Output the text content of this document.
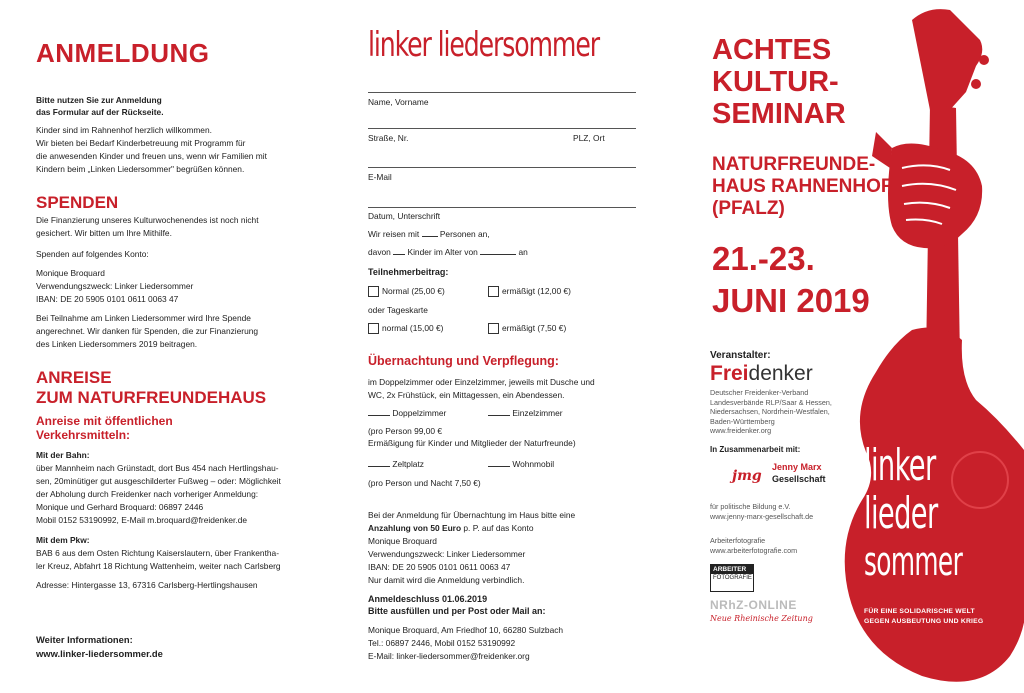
ANMELDUNG
Bitte nutzen Sie zur Anmeldung
das Formular auf der Rückseite.
Kinder sind im Rahnenhof herzlich willkommen.
Wir bieten bei Bedarf Kinderbetreuung mit Programm für
die anwesenden Kinder und freuen uns, wenn wir Familien mit
Kindern beim „Linken Liedersommer" begrüßen können.
SPENDEN
Die Finanzierung unseres Kulturwochenendes ist noch nicht
gesichert. Wir bitten um Ihre Mithilfe.
Spenden auf folgendes Konto:
Monique Broquard
Verwendungszweck: Linker Liedersommer
IBAN: DE 20 5905 0101 0611 0063 47
Bei Teilnahme am Linken Liedersommer wird Ihre Spende
angerechnet. Wir danken für Spenden, die zur Finanzierung
des Linken Liedersommers 2019 beitragen.
ANREISE
ZUM NATURFREUNDEHAUS
Anreise mit öffentlichen
Verkehrsmitteln:
Mit der Bahn:
über Mannheim nach Grünstadt, dort Bus 454 nach Hertlingshau-
sen, 20minütiger gut ausgeschilderter Fußweg – oder: Möglichkeit
der Abholung durch Freidenker nach vorheriger Anmeldung:
Monique und Gerhard Broquard: 06897 2446
Mobil 0152 53190992, E-Mail m.broquard@freidenker.de
Mit dem Pkw:
BAB 6 aus dem Osten Richtung Kaiserslautern, über Frankentha-
ler Kreuz, Abfahrt 18 Richtung Wattenheim, weiter nach Carlsberg
Adresse: Hintergasse 13, 67316 Carlsberg-Hertlingshausen
Weiter Informationen:
www.linker-liedersommer.de
linker liedersommer
Name, Vorname
Straße, Nr.	PLZ, Ort
E-Mail
Datum, Unterschrift
Wir reisen mit Personen an,
davon Kinder im Alter von	an
Teilnehmerbeitrag:
Normal (25,00 €)	ermäßigt (12,00 €)
oder Tageskarte
normal (15,00 €)	ermäßigt (7,50 €)
Übernachtung und Verpflegung:
im Doppelzimmer oder Einzelzimmer, jeweils mit Dusche und
WC, 2x Frühstück, ein Mittagessen, ein Abendessen.
Doppelzimmer	Einzelzimmer
(pro Person 99,00 €
Ermäßigung für Kinder und Mitglieder der Naturfreunde)
Zeltplatz	Wohnmobil
(pro Person und Nacht 7,50 €)
Bei der Anmeldung für Übernachtung im Haus bitte eine
Anzahlung von 50 Euro p. P. auf das Konto
Monique Broquard
Verwendungszweck: Linker Liedersommer
IBAN: DE 20 5905 0101 0611 0063 47
Nur damit wird die Anmeldung verbindlich.
Anmeldeschluss 01.06.2019
Bitte ausfüllen und per Post oder Mail an:
Monique Broquard, Am Friedhof 10, 66280 Sulzbach
Tel.: 06897 2446, Mobil 0152 53190992
E-Mail: linker-liedersommer@freidenker.org
ACHTES
KULTUR-
SEMINAR
NATURFREUNDE-
HAUS RAHNENHOF
(PFALZ)
21.-23.
JUNI 2019
Veranstalter:
Freidenker
Deutscher Freidenker-Verband
Landesverbände RLP/Saar & Hessen,
Niedersachsen, Nordrhein-Westfalen,
Baden-Württemberg
www.freidenker.org
In Zusammenarbeit mit:
jmg
Jenny Marx
Gesellschaft
für politische Bildung e.V.
www.jenny-marx-gesellschaft.de
Arbeiterfotografie
www.arbeiterfotografie.com
ARBEITER
FOTOGRAFIE
NRhZ-ONLINE
Neue Rheinische Zeitung
linker
lieder
sommer
FÜR EINE SOLIDARISCHE WELT
GEGEN AUSBEUTUNG UND KRIEG
